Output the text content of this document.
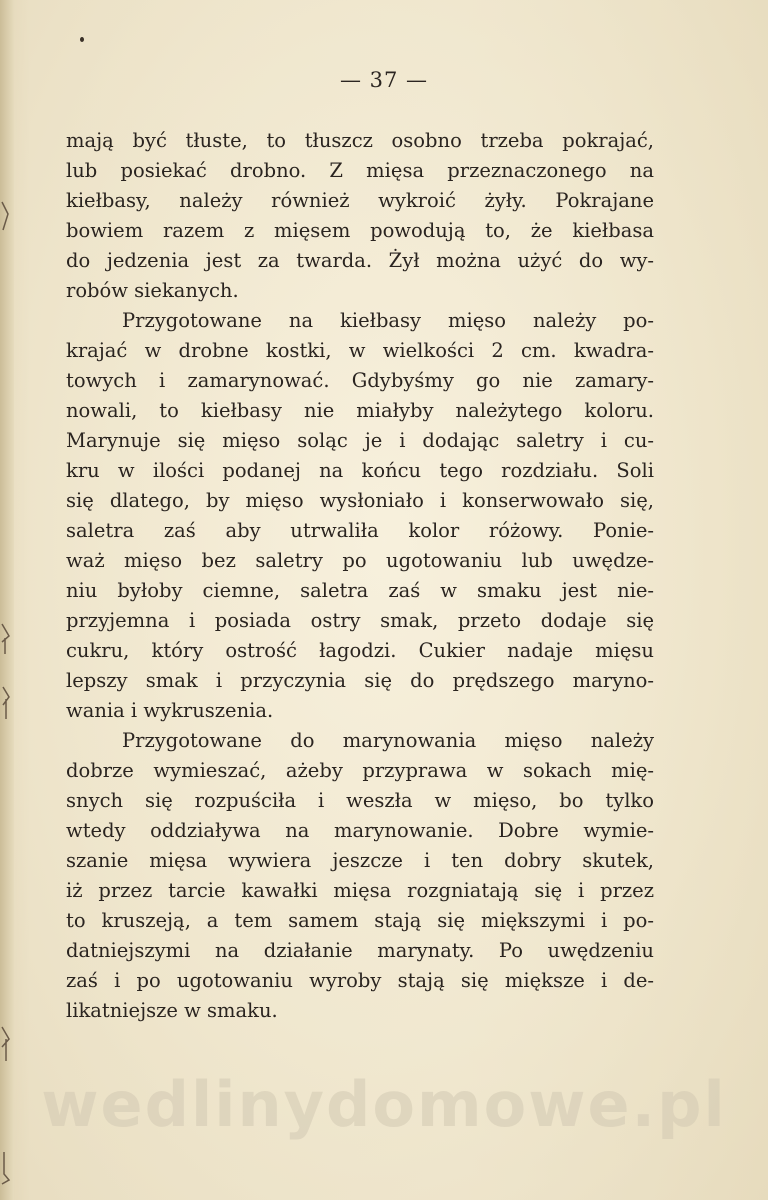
— 37 —
mają być tłuste, to tłuszcz osobno trzeba pokrajać,
lub posiekać drobno. Z mięsa przeznaczonego na
kiełbasy, należy również wykroić żyły. Pokrajane
bowiem razem z mięsem powodują to, że kiełbasa
do jedzenia jest za twarda. Żył można użyć do wy-
robów siekanych.
Przygotowane na kiełbasy mięso należy po-
krajać w drobne kostki, w wielkości 2 cm. kwadra-
towych i zamarynować. Gdybyśmy go nie zamary-
nowali, to kiełbasy nie miałyby należytego koloru.
Marynuje się mięso soląc je i dodając saletry i cu-
kru w ilości podanej na końcu tego rozdziału. Soli
się dlatego, by mięso wysłoniało i konserwowało się,
saletra zaś aby utrwaliła kolor różowy. Ponie-
waż mięso bez saletry po ugotowaniu lub uwędze-
niu byłoby ciemne, saletra zaś w smaku jest nie-
przyjemna i posiada ostry smak, przeto dodaje się
cukru, który ostrość łagodzi. Cukier nadaje mięsu
lepszy smak i przyczynia się do prędszego maryno-
wania i wykruszenia.
Przygotowane do marynowania mięso należy
dobrze wymieszać, ażeby przyprawa w sokach mię-
snych się rozpuściła i weszła w mięso, bo tylko
wtedy oddziaływa na marynowanie. Dobre wymie-
szanie mięsa wywiera jeszcze i ten dobry skutek,
iż przez tarcie kawałki mięsa rozgniatają się i przez
to kruszeją, a tem samem stają się miększymi i po-
datniejszymi na działanie marynaty. Po uwędzeniu
zaś i po ugotowaniu wyroby stają się miększe i de-
likatniejsze w smaku.
wedlinydomowe.pl
